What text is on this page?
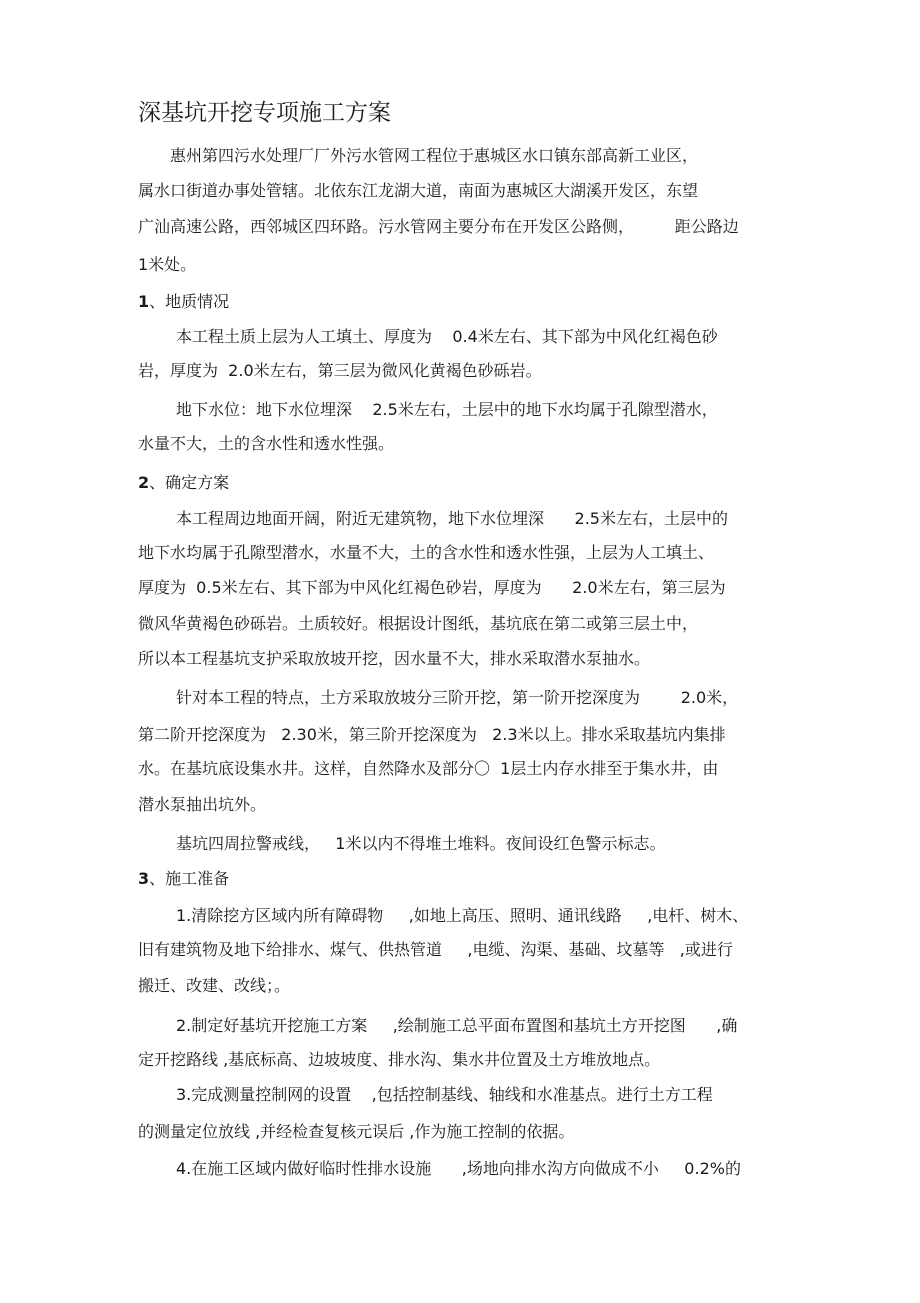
深基坑开挖专项施工方案
惠州第四污水处理厂厂外污水管网工程位于惠城区水口镇东部高新工业区，
属水口街道办事处管辖。北依东江龙湖大道，南面为惠城区大湖溪开发区，东望
广汕高速公路，西邻城区四环路。污水管网主要分布在开发区公路侧，        距公路边
1米处。
1、地质情况
本工程土质上层为人工填土、厚度为    0.4米左右、其下部为中风化红褐色砂
岩，厚度为  2.0米左右，第三层为微风化黄褐色砂砾岩。
地下水位：地下水位埋深    2.5米左右，土层中的地下水均属于孔隙型潜水，
水量不大，土的含水性和透水性强。
2、确定方案
本工程周边地面开阔，附近无建筑物，地下水位埋深      2.5米左右，土层中的
地下水均属于孔隙型潜水，水量不大，土的含水性和透水性强，上层为人工填土、
厚度为  0.5米左右、其下部为中风化红褐色砂岩，厚度为      2.0米左右，第三层为
微风华黄褐色砂砾岩。土质较好。根据设计图纸，基坑底在第二或第三层土中，
所以本工程基坑支护采取放坡开挖，因水量不大，排水采取潜水泵抽水。
针对本工程的特点，土方采取放坡分三阶开挖，第一阶开挖深度为        2.0米，
第二阶开挖深度为   2.30米，第三阶开挖深度为   2.3米以上。排水采取基坑内集排
水。在基坑底设集水井。这样，自然降水及部分〇  1层土内存水排至于集水井，由
潜水泵抽出坑外。
基坑四周拉警戒线，   1米以内不得堆土堆料。夜间设红色警示标志。
3、施工准备
1.清除挖方区域内所有障碍物     ,如地上高压、照明、通讯线路     ,电杆、树木、
旧有建筑物及地下给排水、煤气、供热管道     ,电缆、沟渠、基础、坟墓等   ,或进行
搬迁、改建、改线；。
2.制定好基坑开挖施工方案     ,绘制施工总平面布置图和基坑土方开挖图      ,确
定开挖路线 ,基底标高、边坡坡度、排水沟、集水井位置及土方堆放地点。
3.完成测量控制网的设置    ,包括控制基线、轴线和水准基点。进行土方工程
的测量定位放线 ,并经检查复核元误后 ,作为施工控制的依据。
4.在施工区域内做好临时性排水设施      ,场地向排水沟方向做成不小     0.2%的
